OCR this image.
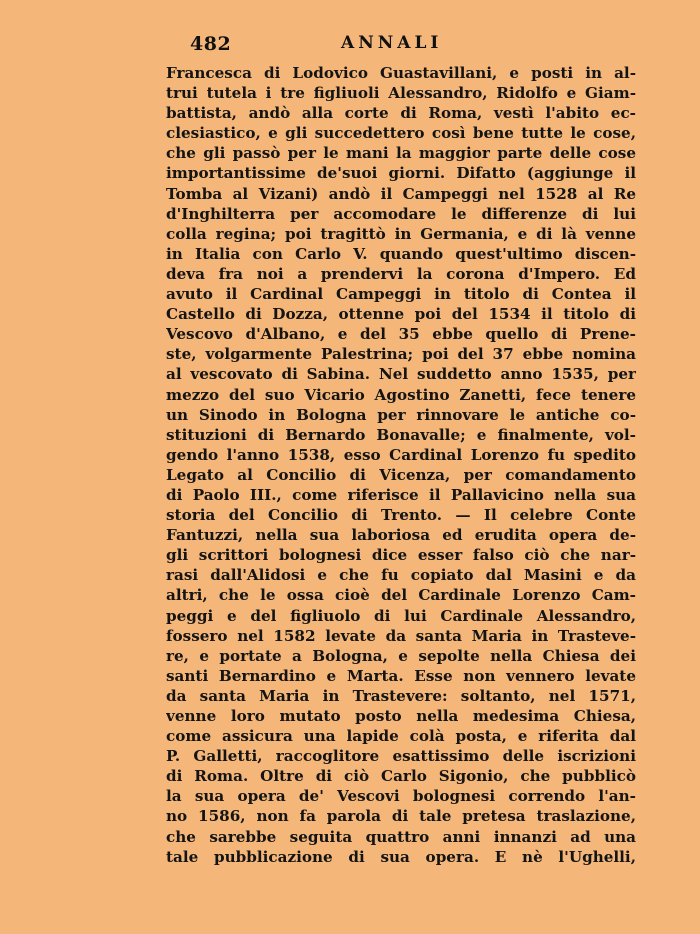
482	ANNALI
Francesca di Lodovico Guastavillani, e posti in al-
trui tutela i tre figliuoli Alessandro, Ridolfo e Giam-
battista, andò alla corte di Roma, vestì l'abito ec-
clesiastico, e gli succedettero così bene tutte le cose,
che gli passò per le mani la maggior parte delle cose
importantissime de'suoi giorni. Difatto (aggiunge il
Tomba al Vizani) andò il Campeggi nel 1528 al Re
d'Inghilterra per accomodare le differenze di lui
colla regina; poi tragittò in Germania, e di là venne
in Italia con Carlo V. quando quest'ultimo discen-
deva fra noi a prendervi la corona d'Impero. Ed
avuto il Cardinal Campeggi in titolo di Contea il
Castello di Dozza, ottenne poi del 1534 il titolo di
Vescovo d'Albano, e del 35 ebbe quello di Prene-
ste, volgarmente Palestrina; poi del 37 ebbe nomina
al vescovato di Sabina. Nel suddetto anno 1535, per
mezzo del suo Vicario Agostino Zanetti, fece tenere
un Sinodo in Bologna per rinnovare le antiche co-
stituzioni di Bernardo Bonavalle; e finalmente, vol-
gendo l'anno 1538, esso Cardinal Lorenzo fu spedito
Legato al Concilio di Vicenza, per comandamento
di Paolo III., come riferisce il Pallavicino nella sua
storia del Concilio di Trento. — Il celebre Conte
Fantuzzi, nella sua laboriosa ed erudita opera de-
gli scrittori bolognesi dice esser falso ciò che nar-
rasi dall'Alidosi e che fu copiato dal Masini e da
altri, che le ossa cioè del Cardinale Lorenzo Cam-
peggi e del figliuolo di lui Cardinale Alessandro,
fossero nel 1582 levate da santa Maria in Trasteve-
re, e portate a Bologna, e sepolte nella Chiesa dei
santi Bernardino e Marta. Esse non vennero levate
da santa Maria in Trastevere: soltanto, nel 1571,
venne loro mutato posto nella medesima Chiesa,
come assicura una lapide colà posta, e riferita dal
P. Galletti, raccoglitore esattissimo delle iscrizioni
di Roma. Oltre di ciò Carlo Sigonio, che pubblicò
la sua opera de' Vescovi bolognesi correndo l'an-
no 1586, non fa parola di tale pretesa traslazione,
che sarebbe seguita quattro anni innanzi ad una
tale pubblicazione di sua opera. E nè l'Ughelli,
